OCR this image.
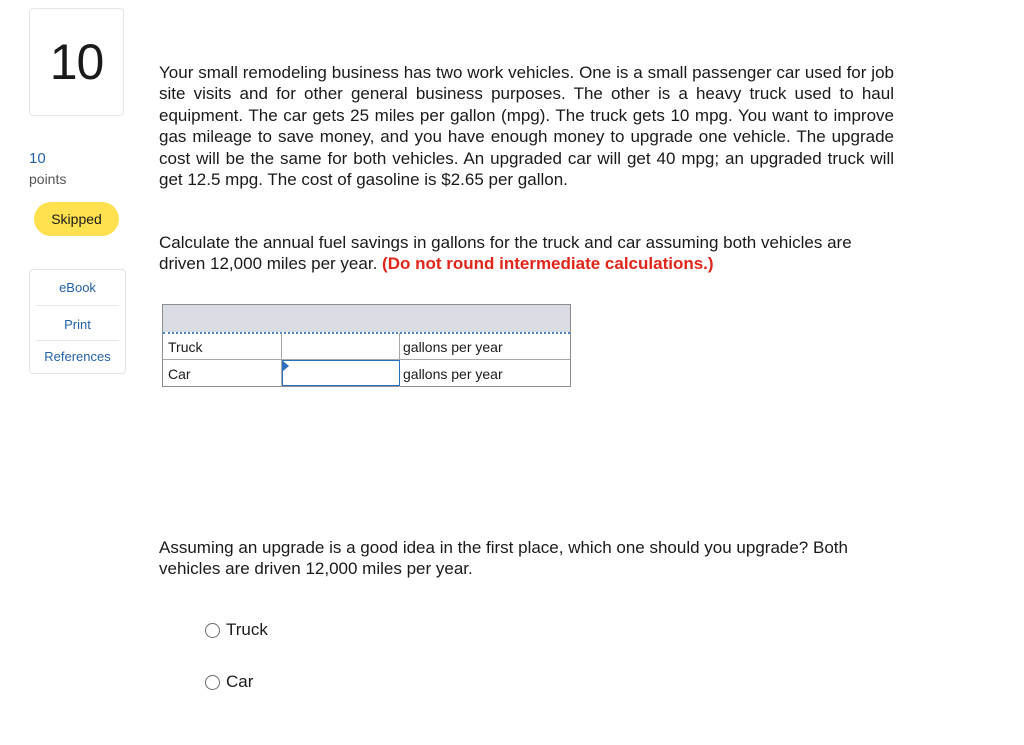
10
10
points
Skipped
eBook
Print
References
Your small remodeling business has two work vehicles. One is a small passenger car used for job site visits and for other general business purposes. The other is a heavy truck used to haul equipment. The car gets 25 miles per gallon (mpg). The truck gets 10 mpg. You want to improve gas mileage to save money, and you have enough money to upgrade one vehicle. The upgrade cost will be the same for both vehicles. An upgraded car will get 40 mpg; an upgraded truck will get 12.5 mpg. The cost of gasoline is $2.65 per gallon.
Calculate the annual fuel savings in gallons for the truck and car assuming both vehicles are driven 12,000 miles per year. (Do not round intermediate calculations.)
Truck	gallons per year
Car	gallons per year
Assuming an upgrade is a good idea in the first place, which one should you upgrade? Both vehicles are driven 12,000 miles per year.
Truck
Car
